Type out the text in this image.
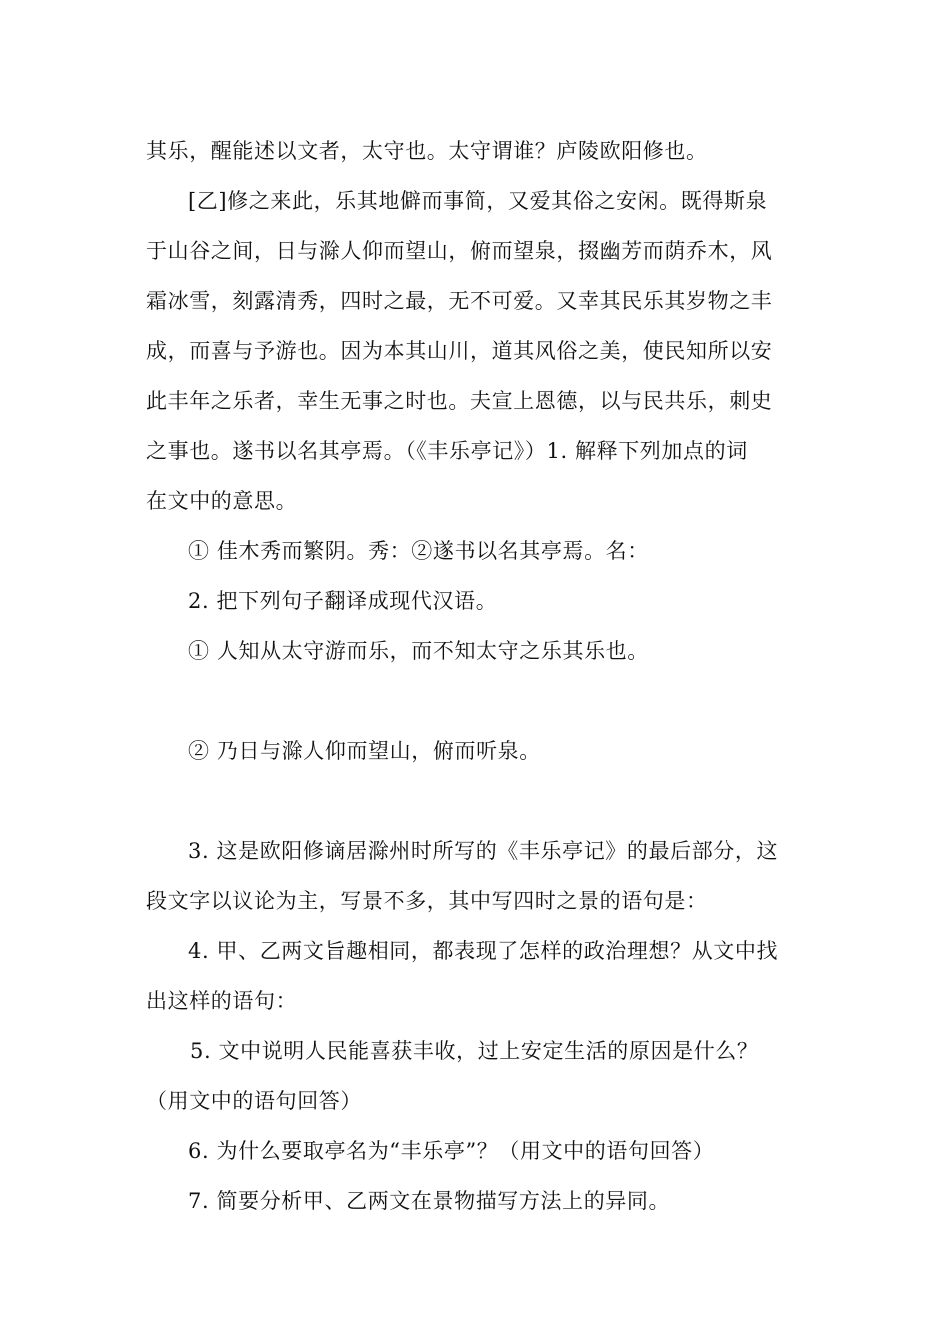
其乐，醒能述以文者，太守也。太守谓谁？庐陵欧阳修也。
[乙]修之来此，乐其地僻而事简，又爱其俗之安闲。既得斯泉
于山谷之间，日与滁人仰而望山，俯而望泉，掇幽芳而荫乔木，风
霜冰雪，刻露清秀，四时之最，无不可爱。又幸其民乐其岁物之丰
成，而喜与予游也。因为本其山川，道其风俗之美，使民知所以安
此丰年之乐者，幸生无事之时也。夫宣上恩德，以与民共乐，刺史
之事也。遂书以名其亭焉。（《丰乐亭记》）1. 解释下列加点的词
在文中的意思。
① 佳木秀而繁阴。秀：②遂书以名其亭焉。名：
2. 把下列句子翻译成现代汉语。
① 人知从太守游而乐，而不知太守之乐其乐也。
② 乃日与滁人仰而望山，俯而听泉。
3. 这是欧阳修谪居滁州时所写的《丰乐亭记》的最后部分，这
段文字以议论为主，写景不多，其中写四时之景的语句是：
4. 甲、乙两文旨趣相同，都表现了怎样的政治理想？从文中找
出这样的语句：
5. 文中说明人民能喜获丰收，过上安定生活的原因是什么？
（用文中的语句回答）
6. 为什么要取亭名为“丰乐亭”？（用文中的语句回答）
7. 简要分析甲、乙两文在景物描写方法上的异同。
